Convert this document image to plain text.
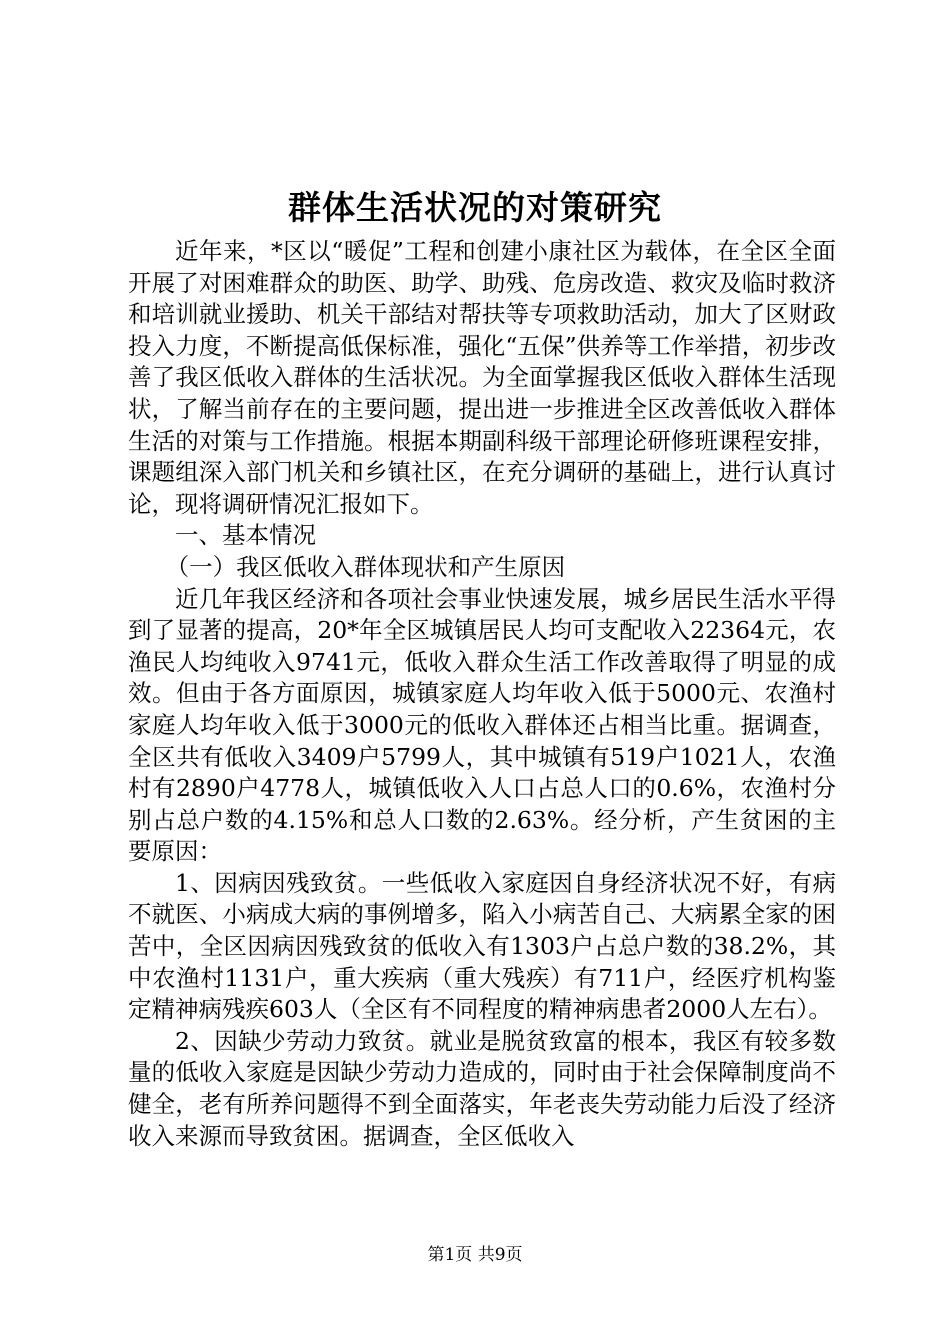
群体生活状况的对策研究

近年来，*区以“暖促”工程和创建小康社区为载体，在全区全面开展了对困难群众的助医、助学、助残、危房改造、救灾及临时救济和培训就业援助、机关干部结对帮扶等专项救助活动，加大了区财政投入力度，不断提高低保标准，强化“五保”供养等工作举措，初步改善了我区低收入群体的生活状况。为全面掌握我区低收入群体生活现状，了解当前存在的主要问题，提出进一步推进全区改善低收入群体生活的对策与工作措施。根据本期副科级干部理论研修班课程安排，课题组深入部门机关和乡镇社区，在充分调研的基础上，进行认真讨论，现将调研情况汇报如下。

一、基本情况

（一）我区低收入群体现状和产生原因

近几年我区经济和各项社会事业快速发展，城乡居民生活水平得到了显著的提高，20*年全区城镇居民人均可支配收入22364元，农渔民人均纯收入9741元，低收入群众生活工作改善取得了明显的成效。但由于各方面原因，城镇家庭人均年收入低于5000元、农渔村家庭人均年收入低于3000元的低收入群体还占相当比重。据调查，全区共有低收入3409户5799人，其中城镇有519户1021人，农渔村有2890户4778人，城镇低收入人口占总人口的0.6%，农渔村分别占总户数的4.15%和总人口数的2.63%。经分析，产生贫困的主要原因：

1、因病因残致贫。一些低收入家庭因自身经济状况不好，有病不就医、小病成大病的事例增多，陷入小病苦自己、大病累全家的困苦中，全区因病因残致贫的低收入有1303户占总户数的38.2%，其中农渔村1131户，重大疾病（重大残疾）有711户，经医疗机构鉴定精神病残疾603人（全区有不同程度的精神病患者2000人左右）。

2、因缺少劳动力致贫。就业是脱贫致富的根本，我区有较多数量的低收入家庭是因缺少劳动力造成的，同时由于社会保障制度尚不健全，老有所养问题得不到全面落实，年老丧失劳动能力后没了经济收入来源而导致贫困。据调查，全区低收入

第1页 共9页
